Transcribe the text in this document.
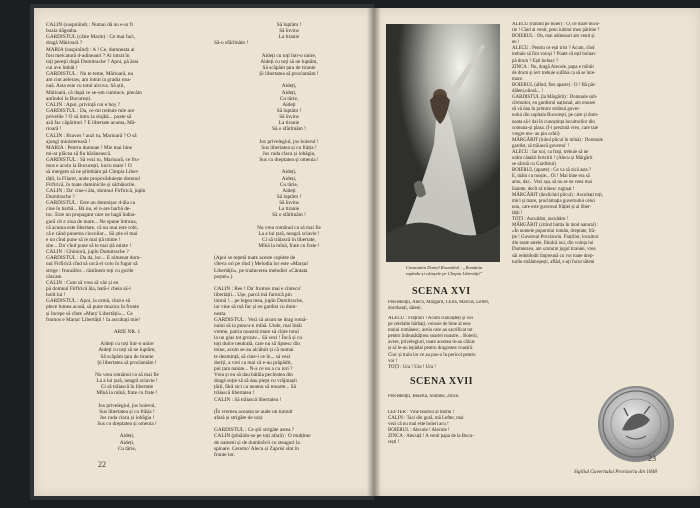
CALIN (suspinînd) : Numai dă nu e-ar fi
boala dăgeaba.
GARDISTUL (către Marin) : Ce mai faci,
dragă Mărioară ?
MARIA (suspinînd) : A ! Ce, dumneata ai
fost melcatură d-adineauri ? Ai intrat în
toți pereții după Dumitrache ? Apoi, pă ăsta
cui ave îmbăt !
GARDISTUL : Nu te teme, Mărioară, nu
am ciut aeleraw, am intrat la gradia noa-
nuă. Asta este cu totul alcova. Să știi,
Mărioară, că după ce se-om cumince, plecăm
amîndoi la București.
CALIN : Apoi, privință cui e boy ?
GARDISTUL : Da, ce-mi trebuie mie ace
privelile ? O să intru la slujbă... poate să
ază fac căpăritori ? E libertate acuma, Mă-
rioară !
CALIN : Bravos ! auzi tu, Marioară ? O să
ajungi ministereasă !
MARIA : Pentru dumnae ! Mie mai bine
mi-ar plăcea să fiu bărănească.
GARDISTUL : Să vezi tu, Marioară, ce fru-
mos e acolo la București, lucru mare ! O
să mergem să ne plimbăm pă Cîmpia Liber-
tății, la Filaret, unde propovăduiește domnul
Firfirică, în toate duminicile și sărbătorile.
CALIN : Da' cine-i ăla, domnul Firfirică, jupîn
Dumitrache ?
GARDISTUL : Este un domnișor d-ăla ca
cine în barbă... Bă nu, el n-are barbă de-
loc. Este un propagant care ne bagă îndoa-
gură cît e ziua de mare... Ne spune întruna,
că acuma este libertate, că nu mai este robi,
că e cănd punerea ciocoilor... Să știe el mai
e un cînd pune să le mai țiă minte !
site... Da' cînd pune să le mai țiă minte !
CALIN : Ghinioră, jupîn Dumitrache ?
GARDISTUL : Da da, loc... E nimenat dom-
nul Firfirică cînd să urcă el colo în fugur să
strige : frunzălor... rămînem toți cu gurile
căscate.
CALIN : Cum să vrea să văz și eu
pă domnul Firfirică ăla, hată-i cheia să-l
hold lui !
GARDISTUL : Apoi, la urmă, cînd e să
plece lumea acasă, să pune muzica în frunte
și începe să cînte «Marș' Libertății»... Ce
frumos e Marșu' Libertății ! Ia ascultați mie!
ARIE NR. 1
Aideți cu toți într-o unire
Aideți cu toți să ne luptăm,
Să scăpăm țara de tiranie
Și libertatea să proclamăm !
Nu vrea românul ca să mai fie
La a lui țară, neagră sclavie !
Ci să trăiască în libertate
Mînă la mînă, frate cu frate !
Jos privelegiul, jos boierul,
Sus libertatea și cu frăția !
Jos ruda claca și iobăgia !
Sus cu dreptatea și omenia !
Aideți,
Aideți,
Cu tărie,
Să luptăm !
Să învins
La tiranie
Să-o sfărîmăm !
Aideți cu toți într-o unire,
Aideți cu toți să ne luptăm,
Să scăpăm țara de tiranie
Și libertatea să proclamăm !
Aideți,
Aideți,
Cu tărie,
Aideți
Să luptăm !
Să învins
La tiranie
Să o sfărîmăm !
Jos privelegiul, jos boierul !
Sus libertatea și cu frăția !
Jos ruda claca și iobăgia,
Sus cu dreptatea și omenia !
Aideți,
Aideți,
Cu tărie,
Aideți
Să luptăm !
Să învins
La tiranie
Să o sfărîmăm !
Nu vrea românul ca să mai fie
La a lui țară, neagră sclavie !
Ci să trăiască în libertate,
Mînă la mînă, frate cu frate !
(Apoi se repetă toate aceste cuplete de
cîteva ori pe rînd ) Melodia lor este «Marșul
Libertății», pe traducerea melodiei «Cântata
poștei».)
CALIN : Ree ! Da' frumos mai e cîntecu'
libertății... Ușe, parcă mă furnică pin
inimă !... pe legea mea, jupîn Dumitrache,
iar vine să mă fac și eu gardist cu dum-
neata.
GARDISTUL : Vezi că acum ne drag româ-
nului să ia puncu-n mînă. Unde, mai întâi
vreme, patria noastră mare să cînte totul
la un glas tot grozav... Să vezi ! Încă și cu
toți dulce neutrală, care nu să lipsesc din
mine, acum se-au alcătuit și că numai
te dezmință, să cine-i ce în... să vezi
doriți, a vrei ca mai că e-au prăpădit,
pui țara nainte... N-a ce nu a cu iori ?
Vrea și eu să dau bătăia pecinstea din
dragă soție să să dau piept cu vrăjmașii
țării, fără sici ca neamu să moarte... Să
trăiască libertatea !
CALIN : Să trăiască libertatea !
(În vremea aceasta se aude un tumult
afară și strigăte de ura)
GARDISTUL : Ce știi strigăte astea ?
CALIN (pînăidu-se pe toți afară) : O mulțime
de oameni și de dumbrăvii cu steaguri la
spinare. Ceremo' Alecu și Zaprisi sînt în
frunte lor.
22
Constantin Daniel Rosenthal : „România
rupîndu-și cătușele pe Cîmpia Libertății”
SCENA XVI
Precedenții, Alecu, Mărgărit, Chira, Marcus, Lefter, dorobanți, săteni.
ALECU : Frațilori ! Acum cunoașteți și voi
pe celelalte bărbați, voiosie de bine al nea-
mului românesc, acela care au sacrificat tot
pentru îmbunătățirea soartei noastre... Boierii,
avere, privelegiuri, toate acestea le-au călcat
și să le-au lepădat pentru dragostea voastră.
Ciuc și traiu lor ce au pus-o în pericol pentru
voi !
TOȚI : Ura ! Ura ! Ura !
SCENA XVII
Precedenții, Boierul, Slumne, Zincu.
LEFTER : Vine boierul al bătrîn !
CALIN : Taci din gură, mă Lefter, mai
vezi că nu mai este boieri acu !
BOIERUL : Alecule ! Alecule !
ZINCA : Alecuță ! A venit papa de la Bucu-
rești !
ALECU (rănind pe boier) : O, ce mare bucu-
rie ! Cînd ai venit, preu iubitul meu părinte ?
BOIERUL : Oh, mai adineauri am venit și
eu !
ALECU : Pentru ce ești trist ? Acum, cînd
trebuie să fim voioși ? Poate că ești bolnav
pă drum ? Ești bolnav ?
ZINCA : Nu, dragă Alecule, papa e mîniit
de drum și iert trebuie sufăhă ca să se înte-
mare.
BOIERUL (afind, fies aparte) : O ! Bă păr-
dăleni,olioră... !
GARDISTUL (la Mărgărit) : Domnule sub-
cîrmuitor, eu gardistul național, am onoare
să vă dau în primire ordinul guver-
nului din capitala București, pe care și dum-
neata să-l dai în cunoștința locuitorilor din
comuna-și plasa. (I-l prezintă vreo, care taie
vregre mo- au pin ochii)
MĂRGĂRIT (luînd plicul în mînă) : Domnule
gardist, să trăiască guvernu' !
ALECU : Iar noi, ca frați, trebuie să ne
urăm cântări fericirii ! (Alecu și Mărgărit
se sărută cu Gardistul)
BOIERUL (aparte) : Ce va să zică asta ?
E, măiu cu moșie... Oi ! Mai bine era să
amu, dar... Vezi așa, să nu se ne ceea mai
înainte, decît să trăiesc ruginat !
MĂRGĂRIT (dezlichid plicul) : Ascultați toți,
mici și mare, proclamația guvernului celui
nou, care este guvernul frăției și al liber-
tății !
TOȚI : Ascultăm, ascultăm !
MĂRGĂRIT (citind hârtia în mod natural) :
«În numele poporului român, dreptate, fră-
ție ! Guvernul Provizoriu. Frațiilor, locuitori
din toate satele, fiindcă noi, din voința lui
Dumnezeu, am scuturat jugul tiraniei, vrea
săi redobîndit împreună cu voi toate drep-
turile străămoșești, aflăd, s-ați facut săteni
Sigiliul Guvernului Provizoriu din 1848
23
